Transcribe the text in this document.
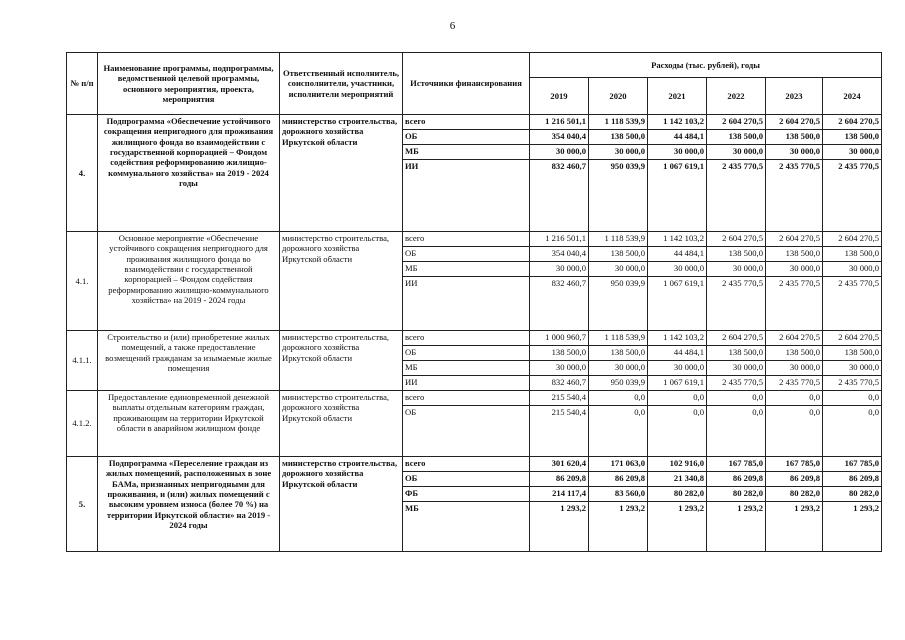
6
№ п/п	Наименование программы, подпрограммы, ведомственной целевой программы, основного мероприятия, проекта, мероприятия	Ответственный исполнитель, соисполнители, участники, исполнители мероприятий	Источники финансирования	Расходы (тыс. рублей), годы					
				2019	2020	2021	2022	2023	2024
4.	Подпрограмма «Обеспечение устойчивого сокращения непригодного для проживания жилищного фонда во взаимодействии с государственной корпорацией – Фондом содействия реформированию жилищно-коммунального хозяйства» на 2019 - 2024 годы	министерство строительства, дорожного хозяйства Иркутской области	всего	1 216 501,1	1 118 539,9	1 142 103,2	2 604 270,5	2 604 270,5	2 604 270,5
			ОБ	354 040,4	138 500,0	44 484,1	138 500,0	138 500,0	138 500,0
			МБ	30 000,0	30 000,0	30 000,0	30 000,0	30 000,0	30 000,0
			ИИ	832 460,7	950 039,9	1 067 619,1	2 435 770,5	2 435 770,5	2 435 770,5
4.1.	Основное мероприятие «Обеспечение устойчивого сокращения непригодного для проживания жилищного фонда во взаимодействии с государственной корпорацией – Фондом содействия реформированию жилищно-коммунального хозяйства» на 2019 - 2024 годы	министерство строительства, дорожного хозяйства Иркутской области	всего	1 216 501,1	1 118 539,9	1 142 103,2	2 604 270,5	2 604 270,5	2 604 270,5
			ОБ	354 040,4	138 500,0	44 484,1	138 500,0	138 500,0	138 500,0
			МБ	30 000,0	30 000,0	30 000,0	30 000,0	30 000,0	30 000,0
			ИИ	832 460,7	950 039,9	1 067 619,1	2 435 770,5	2 435 770,5	2 435 770,5
4.1.1.	Строительство и (или) приобретение жилых помещений, а также предоставление возмещений гражданам за изымаемые жилые помещения	министерство строительства, дорожного хозяйства Иркутской области	всего	1 000 960,7	1 118 539,9	1 142 103,2	2 604 270,5	2 604 270,5	2 604 270,5
			ОБ	138 500,0	138 500,0	44 484,1	138 500,0	138 500,0	138 500,0
			МБ	30 000,0	30 000,0	30 000,0	30 000,0	30 000,0	30 000,0
			ИИ	832 460,7	950 039,9	1 067 619,1	2 435 770,5	2 435 770,5	2 435 770,5
4.1.2.	Предоставление единовременной денежной выплаты отдельным категориям граждан, проживающим на территории Иркутской области в аварийном жилищном фонде	министерство строительства, дорожного хозяйства Иркутской области	всего	215 540,4	0,0	0,0	0,0	0,0	0,0
			ОБ	215 540,4	0,0	0,0	0,0	0,0	0,0
5.	Подпрограмма «Переселение граждан из жилых помещений, расположенных в зоне БАМа, признанных непригодными для проживания, и (или) жилых помещений с высоким уровнем износа (более 70 %) на территории Иркутской области» на 2019 - 2024 годы	министерство строительства, дорожного хозяйства Иркутской области	всего	301 620,4	171 063,0	102 916,0	167 785,0	167 785,0	167 785,0
			ОБ	86 209,8	86 209,8	21 340,8	86 209,8	86 209,8	86 209,8
			ФБ	214 117,4	83 560,0	80 282,0	80 282,0	80 282,0	80 282,0
			МБ	1 293,2	1 293,2	1 293,2	1 293,2	1 293,2	1 293,2
